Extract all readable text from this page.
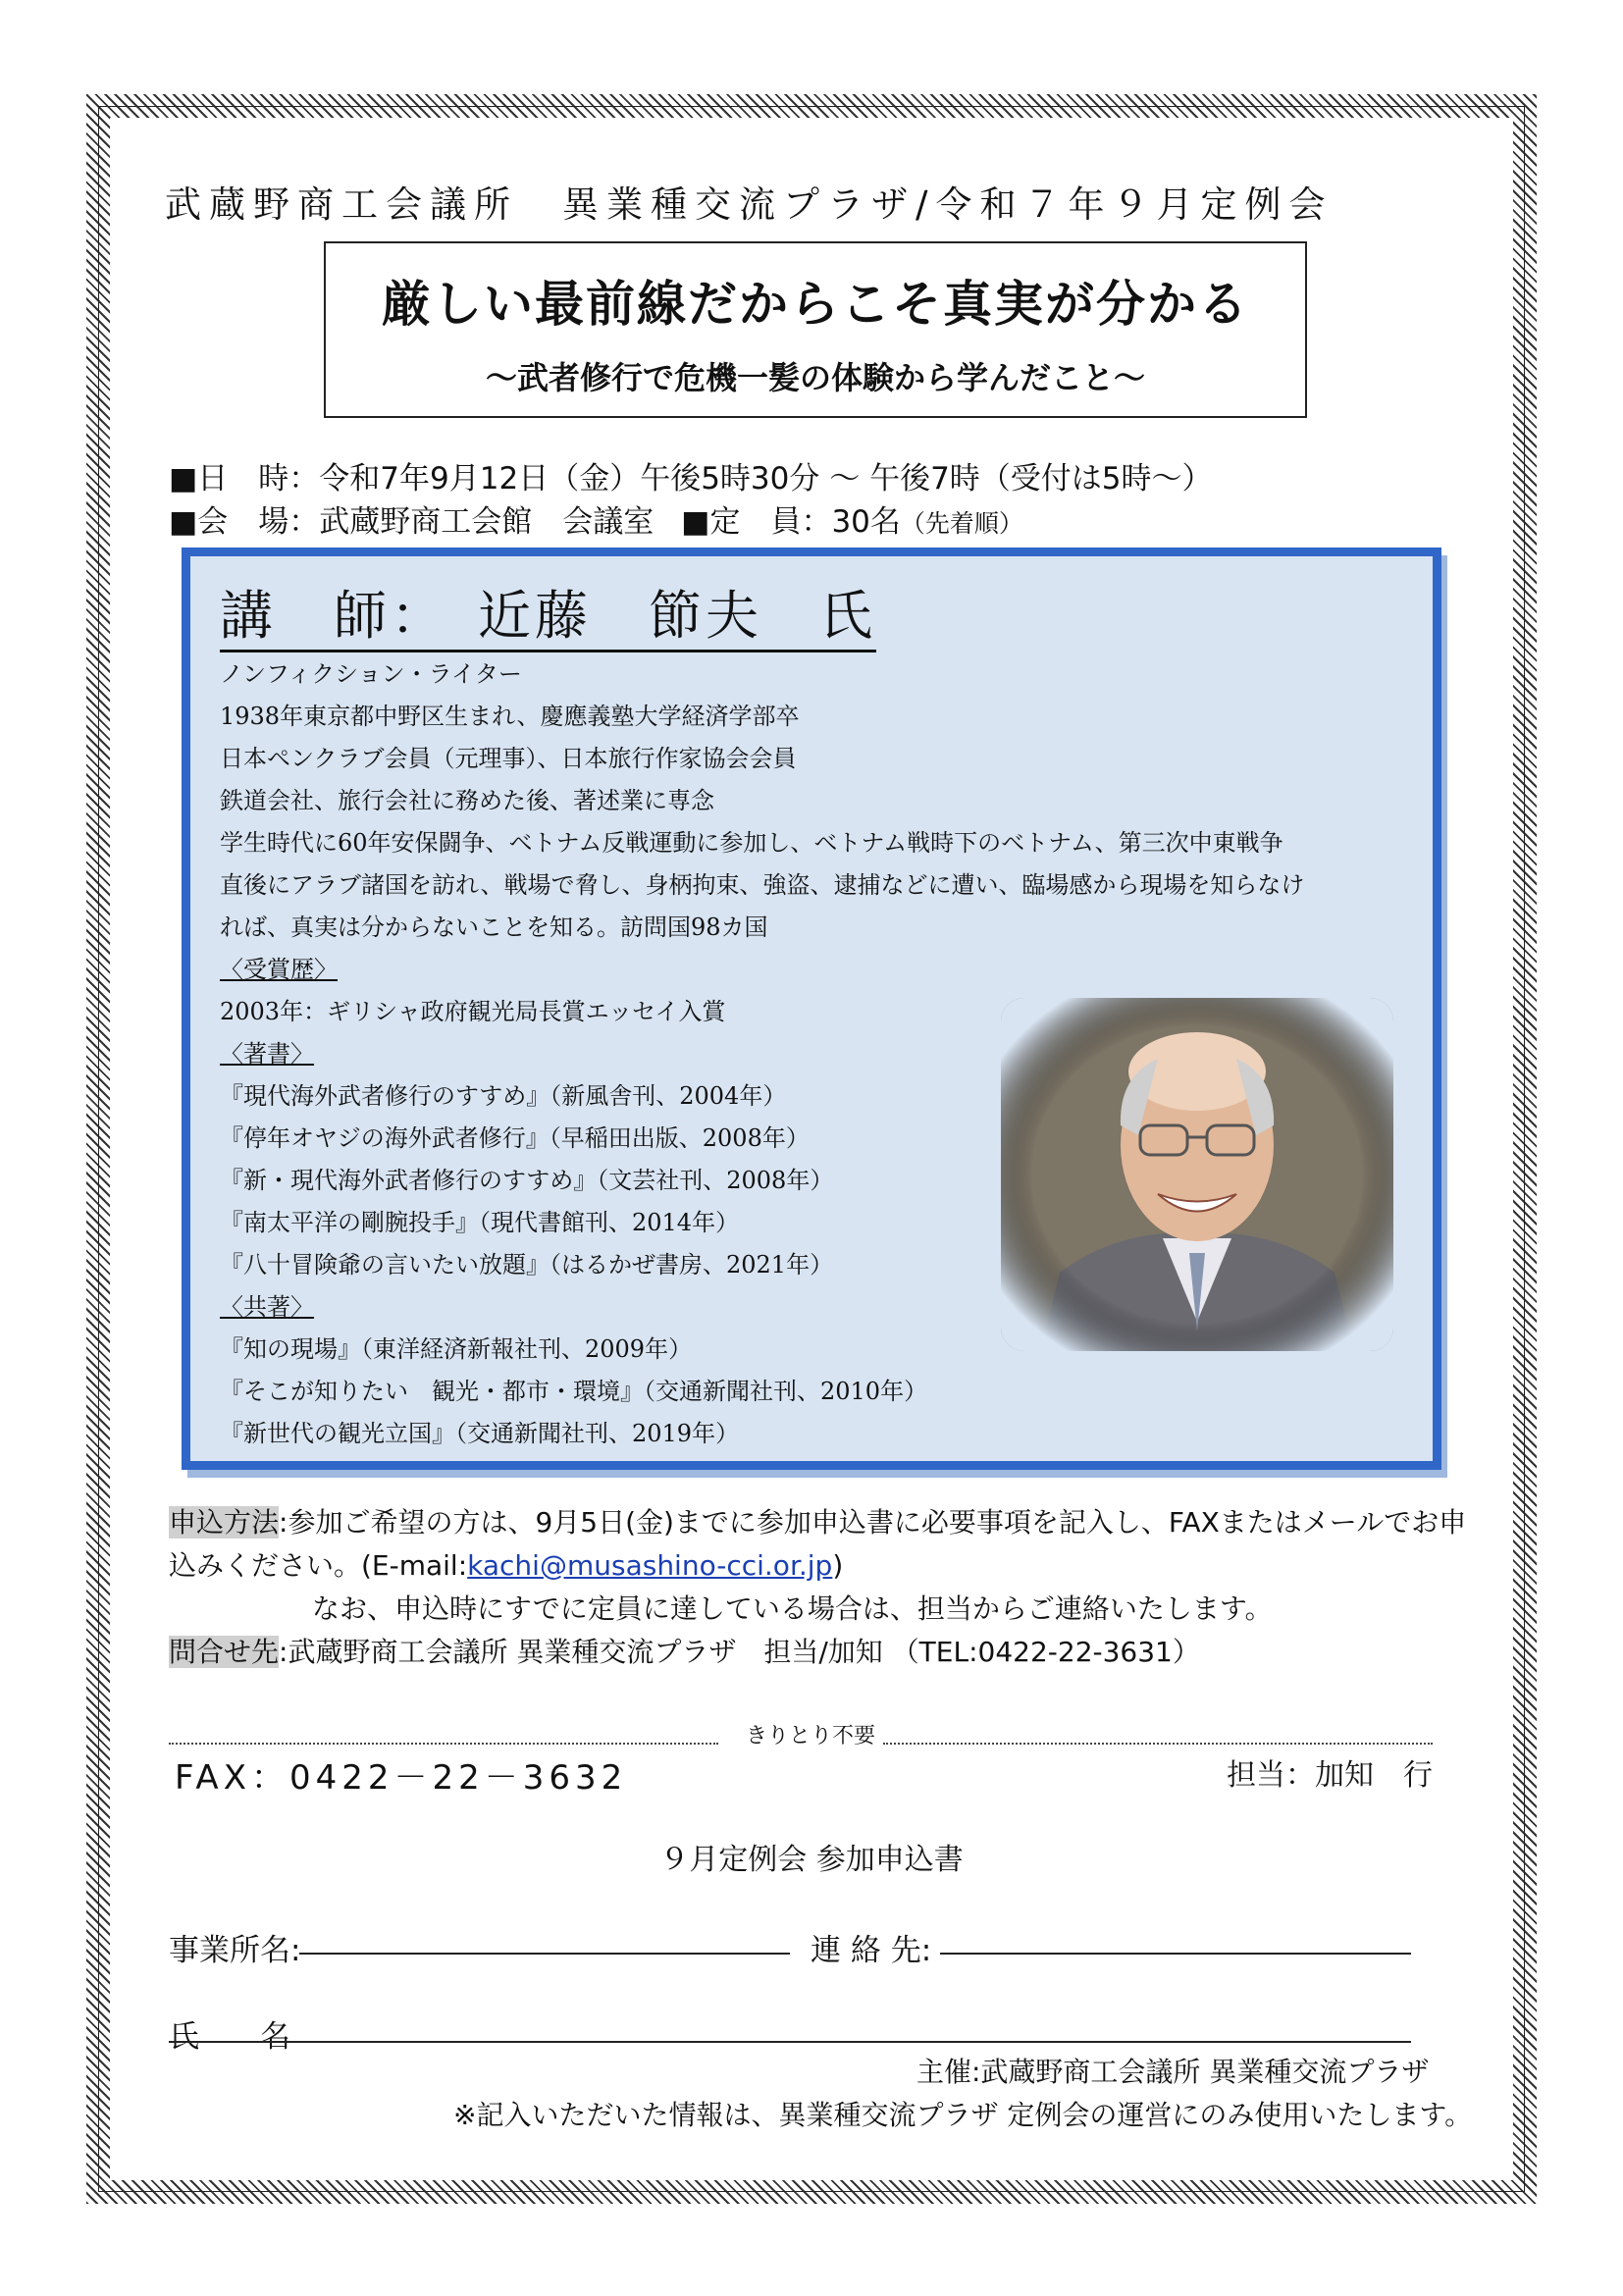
武蔵野商工会議所　異業種交流プラザ/令和７年９月定例会
厳しい最前線だからこそ真実が分かる
～武者修行で危機一髪の体験から学んだこと～
■日　時：令和7年9月12日（金）午後5時30分 ～ 午後7時（受付は5時～）
■会　場：武蔵野商工会館　会議室 ■定　員：30名（先着順）
講　師：　近藤　節夫　氏
ノンフィクション・ライター
1938年東京都中野区生まれ、慶應義塾大学経済学部卒
日本ペンクラブ会員（元理事）、日本旅行作家協会会員
鉄道会社、旅行会社に務めた後、著述業に専念
学生時代に60年安保闘争、ベトナム反戦運動に参加し、ベトナム戦時下のベトナム、第三次中東戦争
直後にアラブ諸国を訪れ、戦場で脅し、身柄拘束、強盗、逮捕などに遭い、臨場感から現場を知らなけ
れば、真実は分からないことを知る。訪問国98カ国
〈受賞歴〉
2003年：ギリシャ政府観光局長賞エッセイ入賞
〈著書〉
『現代海外武者修行のすすめ』（新風舎刊、2004年）
『停年オヤジの海外武者修行』（早稲田出版、2008年）
『新・現代海外武者修行のすすめ』（文芸社刊、2008年）
『南太平洋の剛腕投手』（現代書館刊、2014年）
『八十冒険爺の言いたい放題』（はるかぜ書房、2021年）
〈共著〉
『知の現場』（東洋経済新報社刊、2009年）
『そこが知りたい　観光・都市・環境』（交通新聞社刊、2010年）
『新世代の観光立国』（交通新聞社刊、2019年）
申込方法:参加ご希望の方は、9月5日(金)までに参加申込書に必要事項を記入し、FAXまたはメールでお申
込みください。(E-mail:kachi@musashino-cci.or.jp)
なお、申込時にすでに定員に達している場合は、担当からご連絡いたします。
問合せ先:武蔵野商工会議所 異業種交流プラザ　担当/加知 （TEL:0422-22-3631）
きりとり不要
FAX：0422－22－3632	担当：加知　行
９月定例会 参加申込書
事業所名:	連 絡 先:
氏　　名
主催:武蔵野商工会議所 異業種交流プラザ
※記入いただいた情報は、異業種交流プラザ 定例会の運営にのみ使用いたします。
